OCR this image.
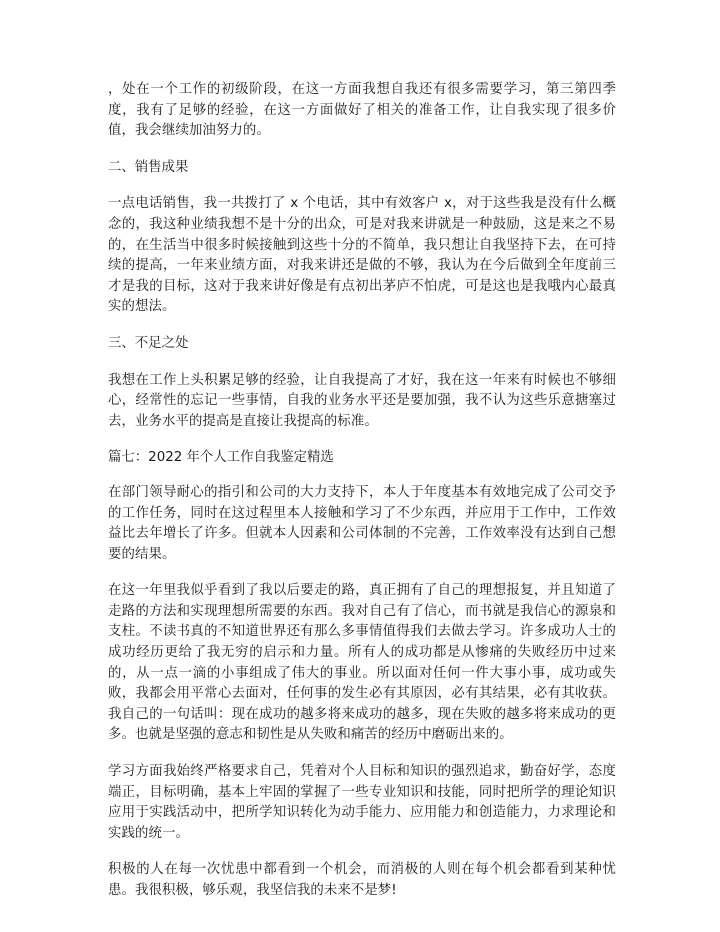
，处在一个工作的初级阶段，在这一方面我想自我还有很多需要学习，第三第四季度，我有了足够的经验，在这一方面做好了相关的准备工作，让自我实现了很多价值，我会继续加油努力的。

二、销售成果

一点电话销售，我一共拨打了 x 个电话，其中有效客户 x，对于这些我是没有什么概念的，我这种业绩我想不是十分的出众，可是对我来讲就是一种鼓励，这是来之不易的，在生活当中很多时候接触到这些十分的不简单，我只想让自我坚持下去，在可持续的提高，一年来业绩方面，对我来讲还是做的不够，我认为在今后做到全年度前三才是我的目标，这对于我来讲好像是有点初出茅庐不怕虎，可是这也是我哦内心最真实的想法。

三、不足之处

我想在工作上头积累足够的经验，让自我提高了才好，我在这一年来有时候也不够细心，经常性的忘记一些事情，自我的业务水平还是要加强，我不认为这些乐意搪塞过去，业务水平的提高是直接让我提高的标准。

篇七：2022 年个人工作自我鉴定精选

在部门领导耐心的指引和公司的大力支持下，本人于年度基本有效地完成了公司交予的工作任务，同时在这过程里本人接触和学习了不少东西，并应用于工作中，工作效益比去年增长了许多。但就本人因素和公司体制的不完善，工作效率没有达到自己想要的结果。

在这一年里我似乎看到了我以后要走的路，真正拥有了自己的理想报复，并且知道了走路的方法和实现理想所需要的东西。我对自己有了信心，而书就是我信心的源泉和支柱。不读书真的不知道世界还有那么多事情值得我们去做去学习。许多成功人士的成功经历更给了我无穷的启示和力量。所有人的成功都是从惨痛的失败经历中过来的，从一点一滴的小事组成了伟大的事业。所以面对任何一件大事小事，成功或失败，我都会用平常心去面对，任何事的发生必有其原因，必有其结果，必有其收获。我自己的一句话叫：现在成功的越多将来成功的越多，现在失败的越多将来成功的更多。也就是坚强的意志和韧性是从失败和痛苦的经历中磨砺出来的。

学习方面我始终严格要求自己，凭着对个人目标和知识的强烈追求，勤奋好学，态度端正，目标明确，基本上牢固的掌握了一些专业知识和技能，同时把所学的理论知识应用于实践活动中，把所学知识转化为动手能力、应用能力和创造能力，力求理论和实践的统一。

积极的人在每一次忧患中都看到一个机会，而消极的人则在每个机会都看到某种忧患。我很积极，够乐观，我坚信我的未来不是梦!
